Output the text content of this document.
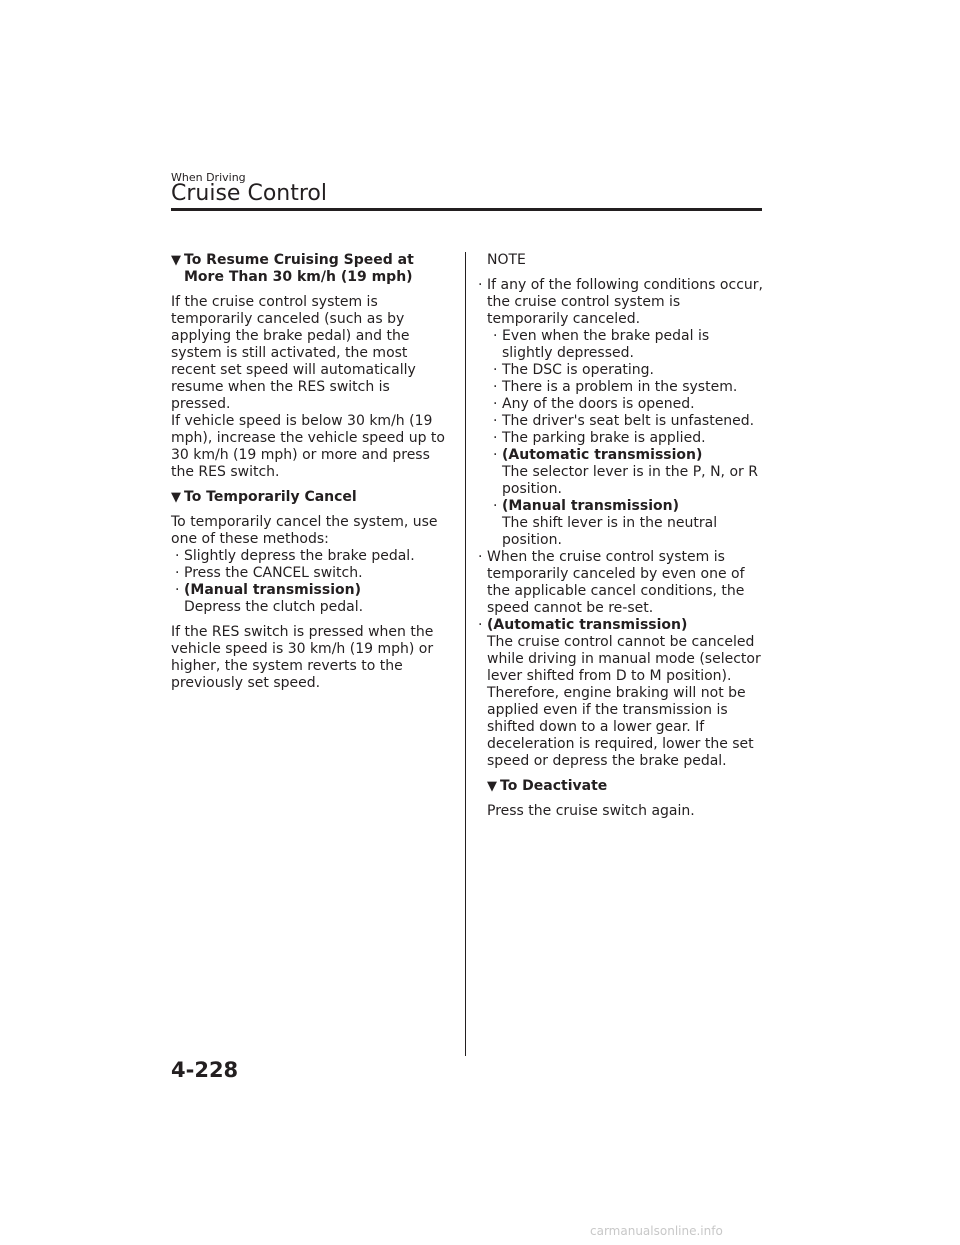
When Driving
Cruise Control

▼ To Resume Cruising Speed at More Than 30 km/h (19 mph)

If the cruise control system is temporarily canceled (such as by applying the brake pedal) and the system is still activated, the most recent set speed will automatically resume when the RES switch is pressed.

If vehicle speed is below 30 km/h (19 mph), increase the vehicle speed up to 30 km/h (19 mph) or more and press the RES switch.

▼ To Temporarily Cancel

To temporarily cancel the system, use one of these methods:

· Slightly depress the brake pedal.
· Press the CANCEL switch.
· (Manual transmission)
Depress the clutch pedal.

If the RES switch is pressed when the vehicle speed is 30 km/h (19 mph) or higher, the system reverts to the previously set speed.

NOTE

· If any of the following conditions occur, the cruise control system is temporarily canceled.
· Even when the brake pedal is slightly depressed.
· The DSC is operating.
· There is a problem in the system.
· Any of the doors is opened.
· The driver's seat belt is unfastened.
· The parking brake is applied.
· (Automatic transmission)
The selector lever is in the P, N, or R position.
· (Manual transmission)
The shift lever is in the neutral position.
· When the cruise control system is temporarily canceled by even one of the applicable cancel conditions, the speed cannot be re-set.
· (Automatic transmission)
The cruise control cannot be canceled while driving in manual mode (selector lever shifted from D to M position). Therefore, engine braking will not be applied even if the transmission is shifted down to a lower gear. If deceleration is required, lower the set speed or depress the brake pedal.

▼ To Deactivate

Press the cruise switch again.

4-228
carmanualsonline.info
